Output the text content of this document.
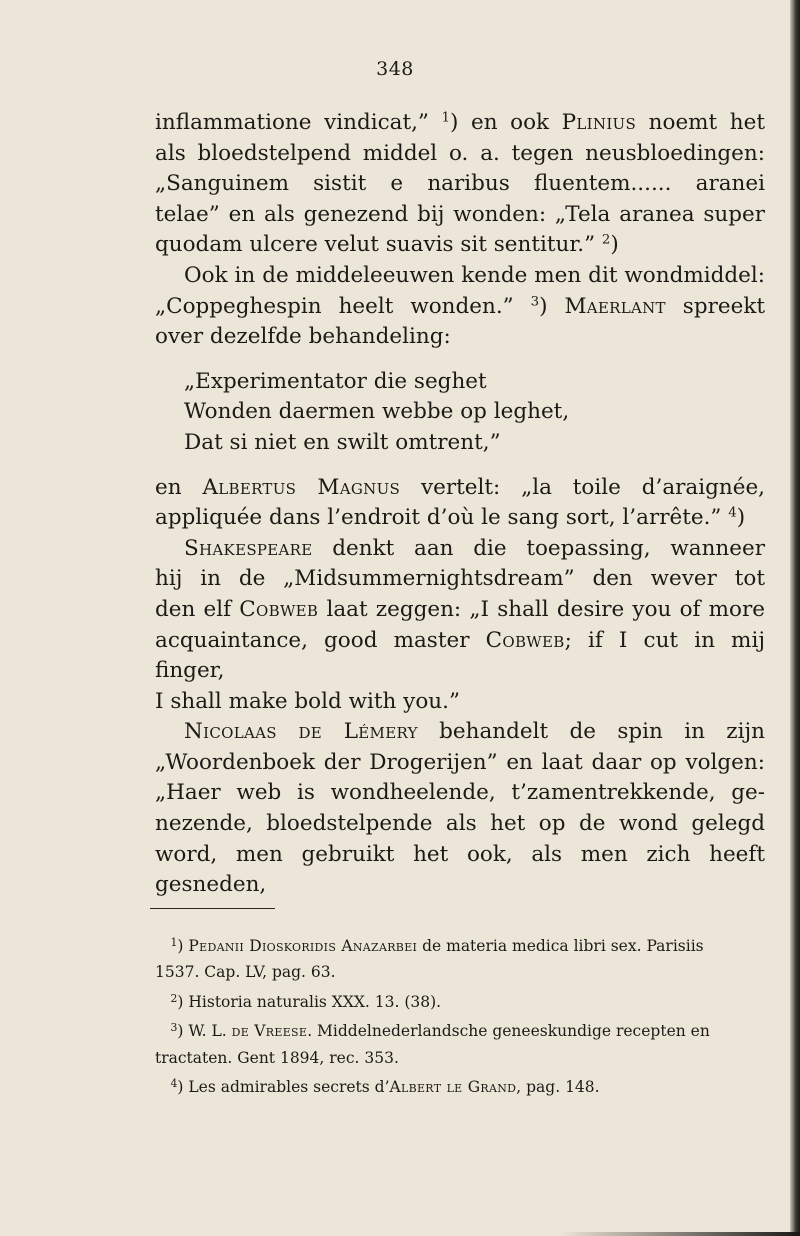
348

inflammatione vindicat,” $^1$) en ook Plinius noemt het

als bloedstelpend middel o. a. tegen neusbloedingen:

„Sanguinem sistit e naribus fluentem...... aranei

telae” en als genezend bij wonden: „Tela aranea super

quodam ulcere velut suavis sit sentitur.” $^2$)

Ook in de middeleeuwen kende men dit wondmiddel:

„Coppeghespin heelt wonden.” $^3$) Maerlant spreekt

over dezelfde behandeling:

„Experimentator die seghet
Wonden daermen webbe op leghet,
Dat si niet en swilt omtrent,”

en Albertus Magnus vertelt: „la toile d’araignée,

appliquée dans l’endroit d’où le sang sort, l’arrête.” $^4$)

Shakespeare denkt aan die toepassing, wanneer

hij in de „Midsummernightsdream” den wever tot

den elf Cobweb laat zeggen: „I shall desire you of more

acquaintance, good master Cobweb; if I cut in mij finger,

I shall make bold with you.”

Nicolaas de Lémery behandelt de spin in zijn

„Woordenboek der Drogerijen” en laat daar op volgen:

„Haer web is wondheelende, t’zamentrekkende, ge-

nezende, bloedstelpende als het op de wond gelegd

word, men gebruikt het ook, als men zich heeft gesneden,

$^1$) Pedanii Dioskoridis Anazarbei de materia medica libri sex. Parisiis

1537. Cap. LV, pag. 63.

$^2$) Historia naturalis XXX. 13. (38).

$^3$) W. L. de Vreese. Middelnederlandsche geneeskundige recepten en

tractaten. Gent 1894, rec. 353.

$^4$) Les admirables secrets d’Albert le Grand, pag. 148.
